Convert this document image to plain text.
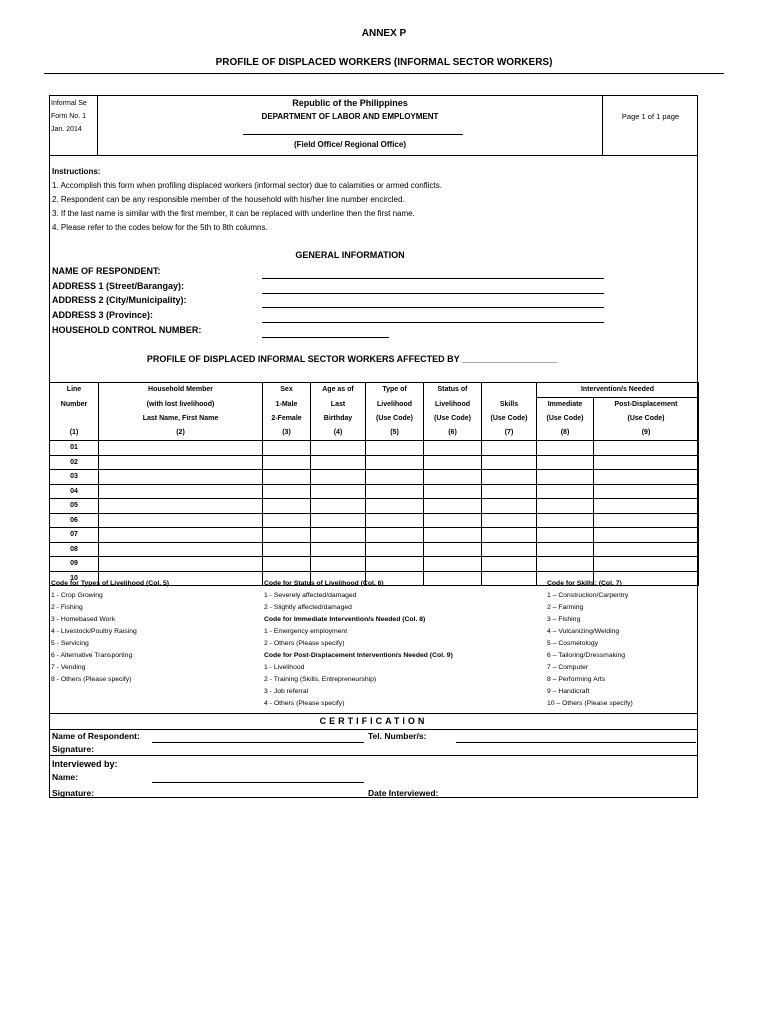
ANNEX P
PROFILE OF DISPLACED WORKERS (INFORMAL SECTOR WORKERS)
Informal Se
Form No. 1
Jan. 2014
Republic of the Philippines
DEPARTMENT OF LABOR AND EMPLOYMENT
(Field Office/ Regional Office)
Page 1 of 1 page
Instructions:
1. Accomplish this form when profiling displaced workers (informal sector) due to calamities or armed conflicts.
2. Respondent can be any responsible member of the household with his/her line number encircled.
3. If the last name is similar with the first member, it can be replaced with underline then the first name.
4. Please refer to the codes below for the 5th to 8th columns.
GENERAL INFORMATION
NAME OF RESPONDENT:
ADDRESS 1 (Street/Barangay):
ADDRESS 2 (City/Municipality):
ADDRESS 3 (Province):
HOUSEHOLD CONTROL NUMBER:
PROFILE OF DISPLACED INFORMAL SECTOR WORKERS AFFECTED BY ___________________
Line	Household Member	Sex	Age as of	Type of	Status of		Intervention/s Needed	
Number	(with lost livelihood)	1-Male	Last	Livelihood	Livelihood	Skills	Immediate	Post-Displacement
	Last Name, First Name	2-Female	Birthday	(Use Code)	(Use Code)	(Use Code)	(Use Code)	(Use Code)
(1)	(2)	(3)	(4)	(5)	(6)	(7)	(8)	(9)
01								
02								
03								
04								
05								
06								
07								
08								
09								
10								
Code for Types of Livelihood (Col. 5)
1 - Crop Growing
2 - Fishing
3 - Homebased Work
4 - Livestock/Poultry Raising
5 - Servicing
6 - Alternative Transporting
7 - Vending
8 - Others (Please specify)
Code for Status of Livelihood (Col. 6)
1 - Severely affected/damaged
2 - Slightly affected/damaged
Code for Immediate Intervention/s Needed (Col. 8)
1 - Emergency employment
2 - Others (Please specify)
Code for Post-Displacement Intervention/s Needed (Col. 9)
1 - Livelihood
2 - Training (Skills, Entrepreneurship)
3 - Job referral
4 - Others (Please specify)
Code for Skills: (Col. 7)
1 – Construction/Carpentry
2 – Farming
3 – Fishing
4 – Vulcanizing/Welding
5 – Cosmetology
6 – Tailoring/Dressmaking
7 – Computer
8 – Performing Arts
9 – Handicraft
10 – Others (Please specify)
CERTIFICATION
Name of Respondent:	Tel. Number/s:
Signature:
Interviewed by:
Name:
Signature:	Date Interviewed:
